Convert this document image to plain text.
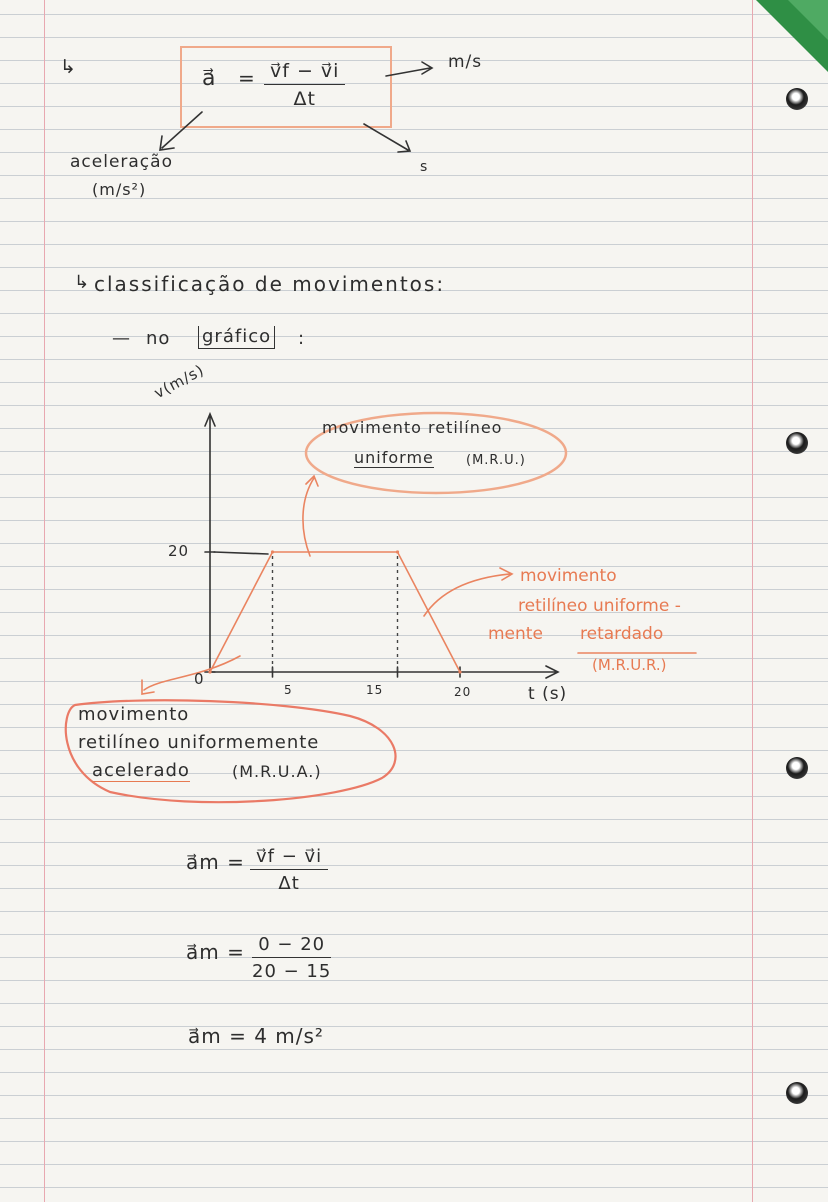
↳	a⃗ = $\frac{v⃗f - v⃗i}{\Delta t}$	m/s
s
aceleração
(m/s²)
↳ classificação de movimentos:
— no gráfico :
v(m/s)
t (s)
0
20
5	15	20
movimento retilíneo
uniforme (M.R.U.)
movimento
retilíneo uniforme -
mente retardado
(M.R.U.R.)
movimento
retilíneo uniformemente
acelerado	(M.R.U.A.)
a⃗m = $\frac{v⃗f - v⃗i}{\Delta t}$
a⃗m = $\frac{0 - 20}{20 - 15}$
a⃗m = 4 m/s²
